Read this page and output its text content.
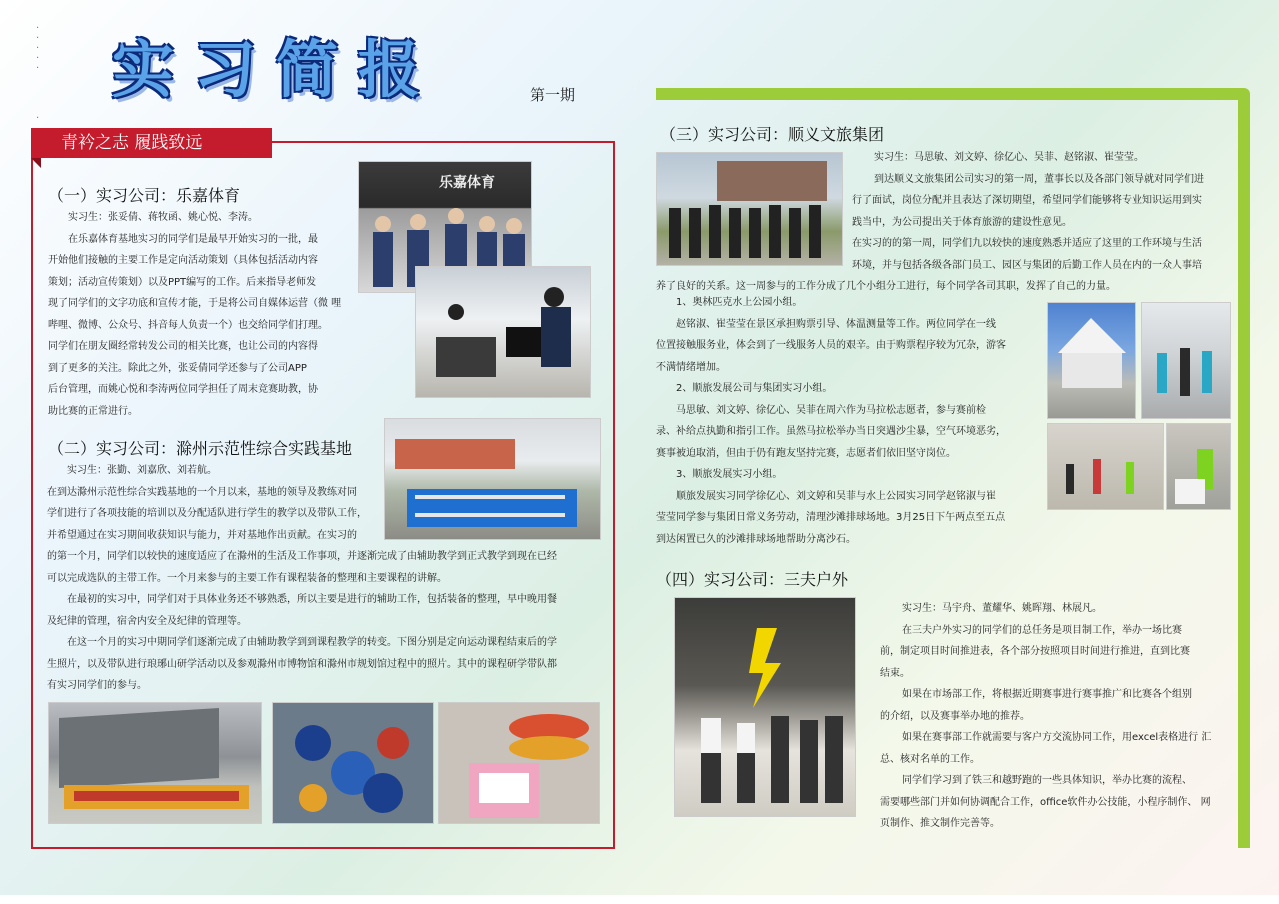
·
·
·
·
·

·
实习简报	第一期
青衿之志 履践致远
（一）实习公司：乐嘉体育
实习生：张妥倩、蒋牧函、姚心悦、李涛。
在乐嘉体育基地实习的同学们是最早开始实习的一批，最
开始他们接触的主要工作是定向活动策划（具体包括活动内容
策划；活动宣传策划）以及PPT编写的工作。后来指导老师发
现了同学们的文字功底和宣传才能，于是将公司自媒体运营（微 哩
哔哩、微博、公众号、抖音每人负责一个）也交给同学们打理。
同学们在朋友圈经常转发公司的相关比赛，也让公司的内容得
到了更多的关注。除此之外，张妥倩同学还参与了公司APP
后台管理，而姚心悦和李涛两位同学担任了周末竞赛助教，协
助比赛的正常进行。
乐嘉体育
（二）实习公司：滁州示范性综合实践基地
实习生：张勤、刘嘉欣、刘若航。
在到达滁州示范性综合实践基地的一个月以来，基地的领导及教练对同
学们进行了各项技能的培训以及分配适队进行学生的教学以及带队工作，
并希望通过在实习期间收获知识与能力，并对基地作出贡献。在实习的
的第一个月，同学们以较快的速度适应了在滁州的生活及工作事项，并逐渐完成了由辅助教学到正式教学到现在已经
可以完成选队的主带工作。一个月来参与的主要工作有课程装备的整理和主要课程的讲解。
在最初的实习中，同学们对于具体业务还不够熟悉，所以主要是进行的辅助工作，包括装备的整理，早中晚用餐
及纪律的管理，宿舍内安全及纪律的管理等。
在这一个月的实习中期同学们逐渐完成了由辅助教学到到课程教学的转变。下图分别是定向运动课程结束后的学
生照片，以及带队进行琅琊山研学活动以及参观滁州市博物馆和滁州市规划馆过程中的照片。其中的课程研学带队都
有实习同学们的参与。
（三）实习公司：顺义文旅集团
实习生：马思敏、刘文婷、徐亿心、吴菲、赵铭淑、崔莹莹。
到达顺义文旅集团公司实习的第一周，董事长以及各部门领导就对同学们进
行了面试，岗位分配并且表达了深切期望，希望同学们能够将专业知识运用到实
践当中，为公司提出关于体育旅游的建设性意见。
在实习的的第一周，同学们九以较快的速度熟悉并适应了这里的工作环境与生活
环境，并与包括各级各部门员工、园区与集团的后勤工作人员在内的一众人事培
养了良好的关系。这一周参与的工作分成了几个小组分工进行，每个同学各司其职，发挥了自己的力量。
1、奥林匹克水上公园小组。
赵铭淑、崔莹莹在景区承担购票引导、体温测量等工作。两位同学在一线
位置接触服务业，体会到了一线服务人员的艰辛。由于购票程序较为冗杂，游客
不满情绪增加。
2、顺旅发展公司与集团实习小组。
马思敏、刘文婷、徐亿心、吴菲在周六作为马拉松志愿者，参与赛前检
录、补给点执勤和指引工作。虽然马拉松举办当日突遇沙尘暴，空气环境恶劣，
赛事被迫取消，但由于仍有跑友坚持完赛，志愿者们依旧坚守岗位。
3、顺旅发展实习小组。
顺旅发展实习同学徐亿心、刘文婷和吴菲与水上公园实习同学赵铭淑与崔
莹莹同学参与集团日常义务劳动，清理沙滩排球场地。3月25日下午两点至五点
到达闲置已久的沙滩排球场地帮助分离沙石。
（四）实习公司：三夫户外
实习生：马宇舟、董耀华、姚晖翔、林展凡。
在三夫户外实习的同学们的总任务是项目制工作，举办一场比赛
前，制定项目时间推进表，各个部分按照项目时间进行推进，直到比赛
结束。
如果在市场部工作，将根据近期赛事进行赛事推广和比赛各个组别
的介绍，以及赛事举办地的推荐。
如果在赛事部工作就需要与客户方交流协同工作，用excel表格进行 汇
总、核对名单的工作。
同学们学习到了铁三和越野跑的一些具体知识，举办比赛的流程、
需要哪些部门并如何协调配合工作，office软件办公技能，小程序制作、 网
页制作、推文制作完善等。
